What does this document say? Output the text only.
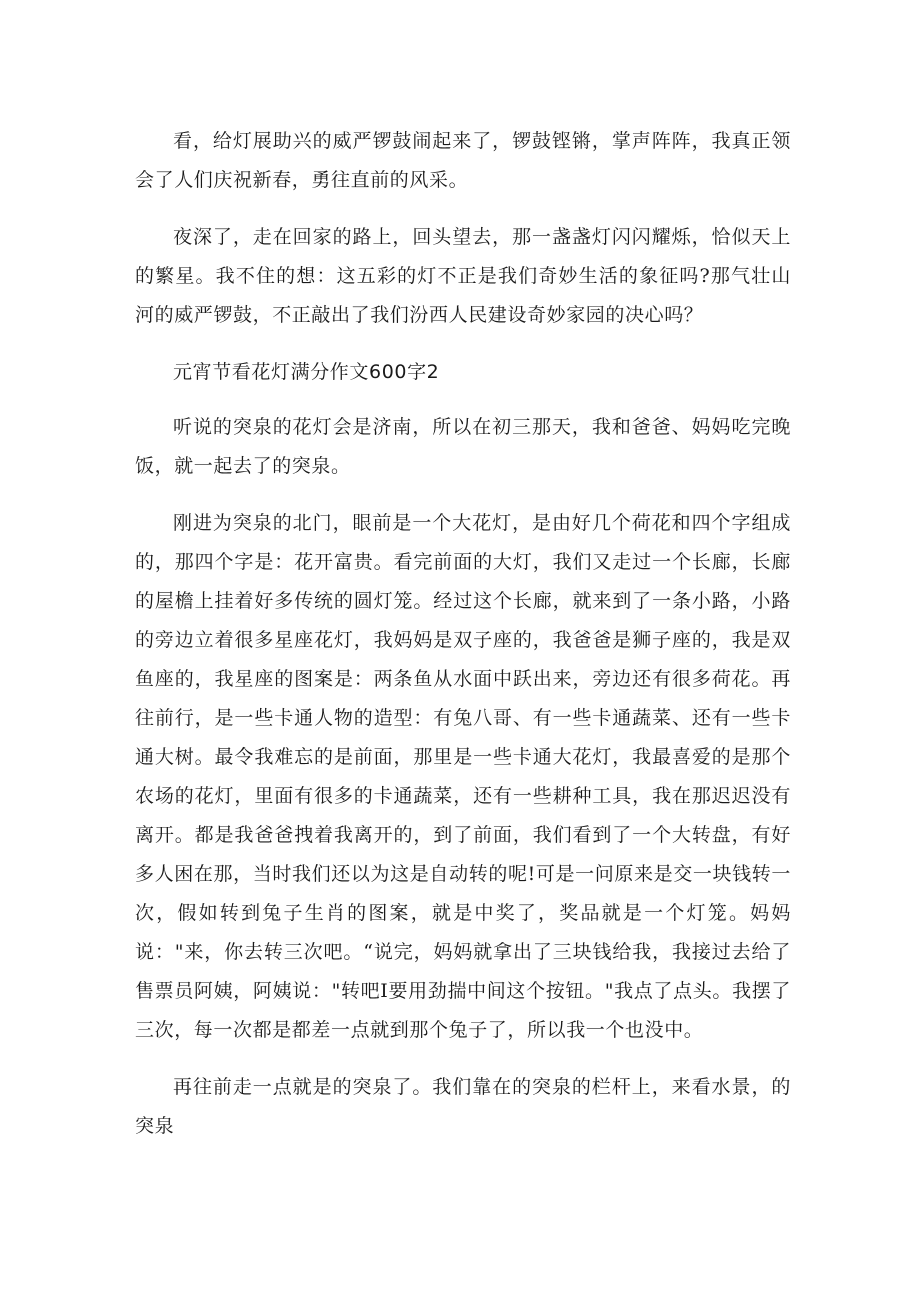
看，给灯展助兴的威严锣鼓闹起来了，锣鼓铿锵，掌声阵阵，我真正领会了人们庆祝新春，勇往直前的风采。

夜深了，走在回家的路上，回头望去，那一盏盏灯闪闪耀烁，恰似天上的繁星。我不住的想：这五彩的灯不正是我们奇妙生活的象征吗?那气壮山河的威严锣鼓，不正敲出了我们汾西人民建设奇妙家园的决心吗？

元宵节看花灯满分作文600字2

听说的突泉的花灯会是济南，所以在初三那天，我和爸爸、妈妈吃完晚饭，就一起去了的突泉。

刚进为突泉的北门，眼前是一个大花灯，是由好几个荷花和四个字组成的，那四个字是：花开富贵。看完前面的大灯，我们又走过一个长廊，长廊的屋檐上挂着好多传统的圆灯笼。经过这个长廊，就来到了一条小路，小路的旁边立着很多星座花灯，我妈妈是双子座的，我爸爸是狮子座的，我是双鱼座的，我星座的图案是：两条鱼从水面中跃出来，旁边还有很多荷花。再往前行，是一些卡通人物的造型：有兔八哥、有一些卡通蔬菜、还有一些卡通大树。最令我难忘的是前面，那里是一些卡通大花灯，我最喜爱的是那个农场的花灯，里面有很多的卡通蔬菜，还有一些耕种工具，我在那迟迟没有离开。都是我爸爸拽着我离开的，到了前面，我们看到了一个大转盘，有好多人困在那，当时我们还以为这是自动转的呢!可是一问原来是交一块钱转一次，假如转到兔子生肖的图案，就是中奖了，奖品就是一个灯笼。妈妈说："来，你去转三次吧。“说完，妈妈就拿出了三块钱给我，我接过去给了售票员阿姨，阿姨说："转吧I要用劲揣中间这个按钮。"我点了点头。我摆了三次，每一次都是都差一点就到那个兔子了，所以我一个也没中。

再往前走一点就是的突泉了。我们靠在的突泉的栏杆上，来看水景，的突泉
